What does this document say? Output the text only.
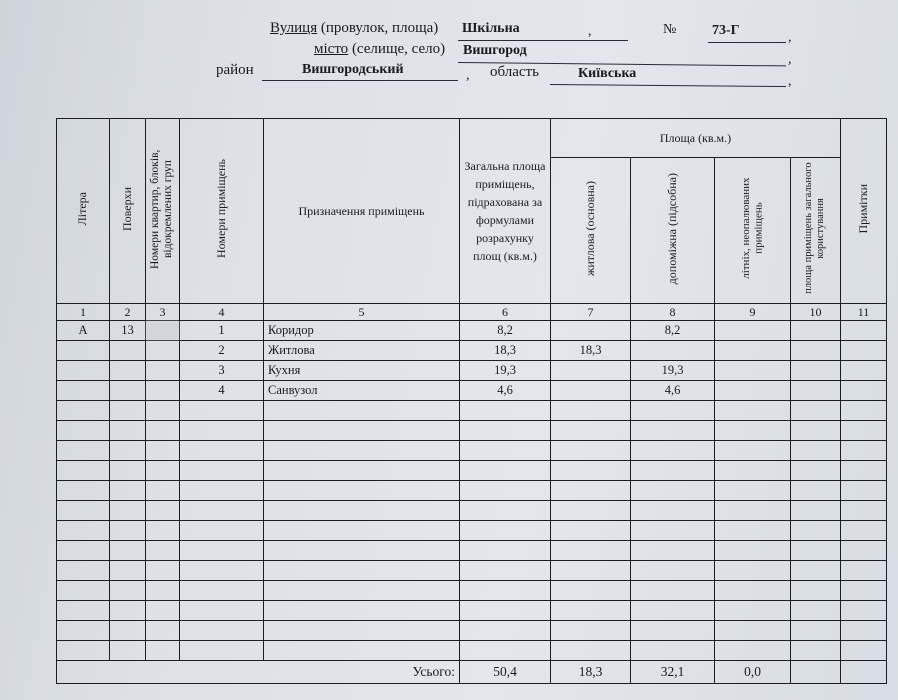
Вулиця (провулок, площа) Шкільна	,	№	73-Г	,
місто (селище, село) Вишгород
,
район	Вишгородський	, область	Київська
,
Літера	Поверхи	Номери квартир, блоків, відокремлених груп	Номери приміщень	Призначення приміщень	Загальна площа приміщень, підрахована за формулами розрахунку площ (кв.м.)	Площа (кв.м.)				Примітки
						житлова (основна)	допоміжна (підсобна)	літніх, неопалюваних приміщень	площа приміщень загального користування	
1	2	3	4	5	6	7	8	9	10	11
А	13		1	Коридор	8,2		8,2			
			2	Житлова	18,3	18,3				
			3	Кухня	19,3		19,3			
			4	Санвузол	4,6		4,6			

Усього:					50,4	18,3	32,1	0,0		
